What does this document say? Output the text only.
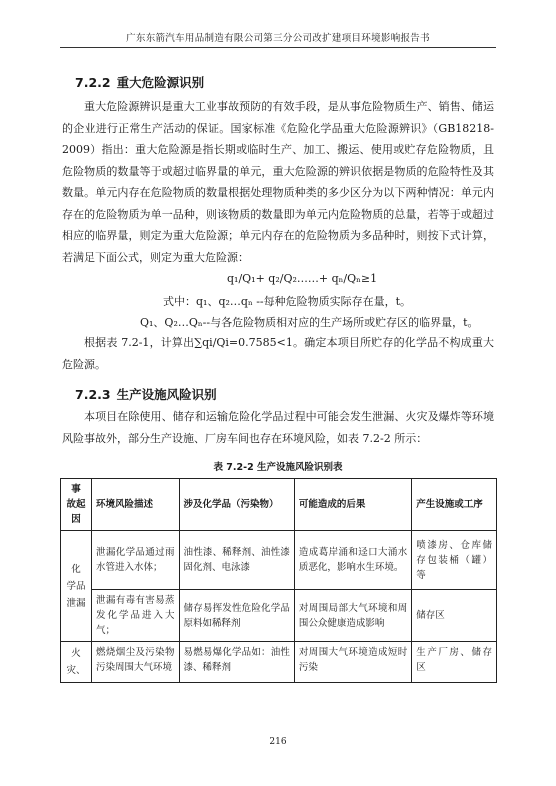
广东东箭汽车用品制造有限公司第三分公司改扩建项目环境影响报告书
7.2.2 重大危险源识别

重大危险源辨识是重大工业事故预防的有效手段，是从事危险物质生产、销售、储运的企业进行正常生产活动的保证。国家标准《危险化学品重大危险源辨识》（GB18218-2009）指出：重大危险源是指长期或临时生产、加工、搬运、使用或贮存危险物质，且危险物质的数量等于或超过临界量的单元，重大危险源的辨识依据是物质的危险特性及其数量。单元内存在危险物质的数量根据处理物质种类的多少区分为以下两种情况：单元内存在的危险物质为单一品种，则该物质的数量即为单元内危险物质的总量，若等于或超过相应的临界量，则定为重大危险源；单元内存在的危险物质为多品种时，则按下式计算，若满足下面公式，则定为重大危险源：

q₁/Q₁+ q₂/Q₂……+ qₙ/Qₙ≥1
式中：q₁、q₂…qₙ --每种危险物质实际存在量，t。
Q₁、Q₂…Qₙ--与各危险物质相对应的生产场所或贮存区的临界量，t。

根据表 7.2-1，计算出∑qi/Qi=0.7585<1。确定本项目所贮存的化学品不构成重大危险源。

7.2.3 生产设施风险识别

本项目在除使用、储存和运输危险化学品过程中可能会发生泄漏、火灾及爆炸等环境风险事故外，部分生产设施、厂房车间也存在环境风险，如表 7.2-2 所示：

表 7.2-2 生产设施风险识别表
事 故起因	环境风险描述	涉及化学品（污染物）	可能造成的后果	产生设施或工序
化 学品 泄漏	泄漏化学品通过雨水管进入水体；	油性漆、稀释剂、油性漆固化剂、电泳漆	造成葛岸涌和迳口大涌水质恶化，影响水生环境。	喷漆房、仓库储存包装桶（罐）等
	泄漏有毒有害易蒸发化学品进入大气；	储存易挥发性危险化学品原料如稀释剂	对周围局部大气环境和周围公众健康造成影响	储存区
火灾、	燃烧烟尘及污染物污染周围大气环境	易燃易爆化学品如：油性漆、稀释剂	对周围大气环境造成短时污染	生产厂房、储存区
216
